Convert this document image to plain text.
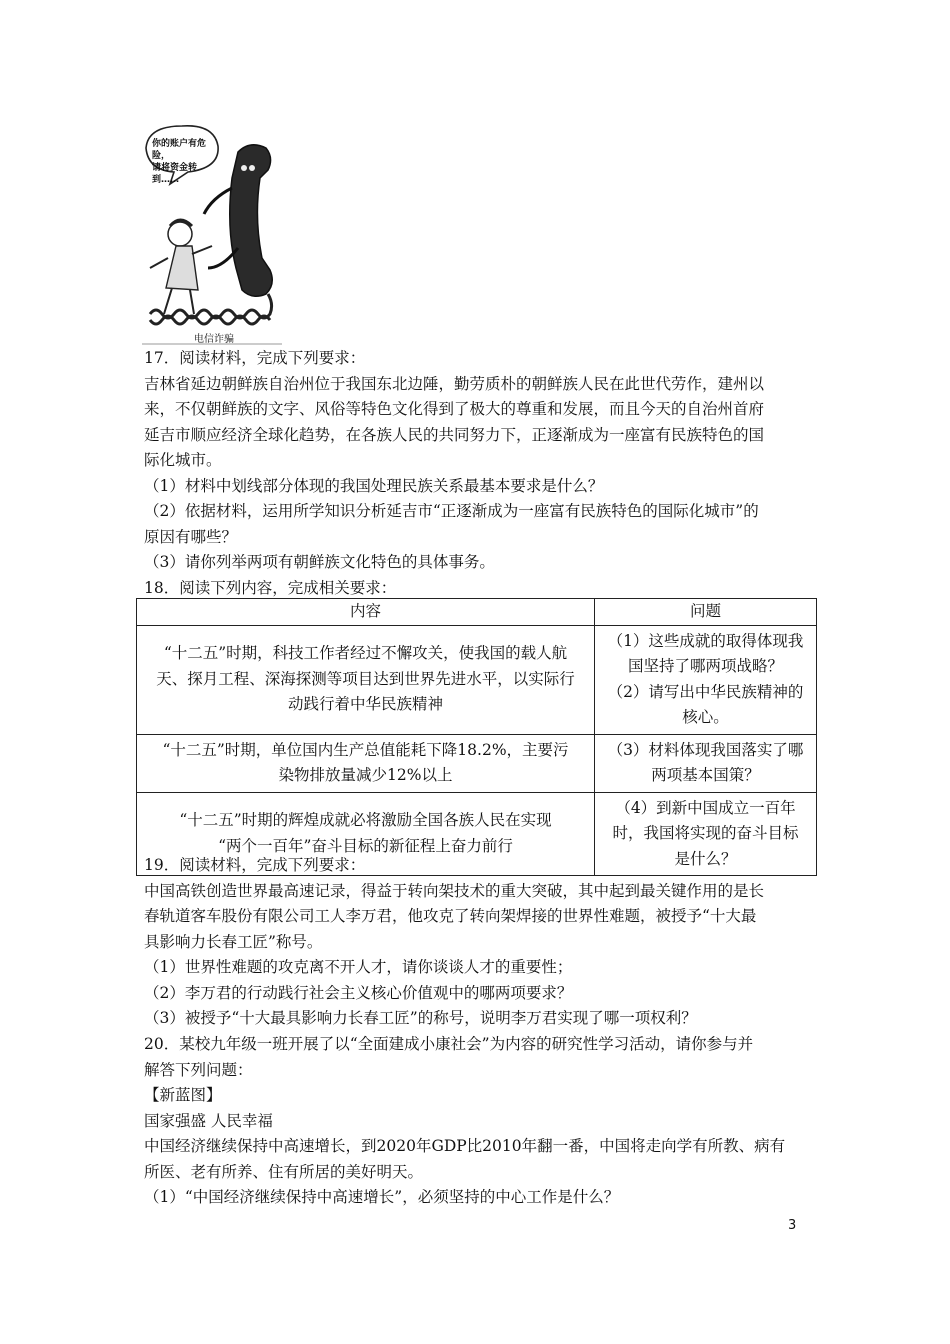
你的账户有危险，
请将资金转到……
电信诈骗
17．阅读材料，完成下列要求：
吉林省延边朝鲜族自治州位于我国东北边陲，勤劳质朴的朝鲜族人民在此世代劳作，建州以
来，不仅朝鲜族的文字、风俗等特色文化得到了极大的尊重和发展，而且今天的自治州首府
延吉市顺应经济全球化趋势，在各族人民的共同努力下，正逐渐成为一座富有民族特色的国
际化城市。
（1）材料中划线部分体现的我国处理民族关系最基本要求是什么？
（2）依据材料，运用所学知识分析延吉市“正逐渐成为一座富有民族特色的国际化城市”的
原因有哪些？
（3）请你列举两项有朝鲜族文化特色的具体事务。
18．阅读下列内容，完成相关要求：
内容	问题

“十二五”时期，科技工作者经过不懈攻关，使我国的载人航
天、探月工程、深海探测等项目达到世界先进水平，以实际行
动践行着中华民族精神	（1）这些成就的取得体现我
国坚持了哪两项战略？
（2）请写出中华民族精神的
核心。

“十二五”时期，单位国内生产总值能耗下降18.2%，主要污
染物排放量减少12%以上	（3）材料体现我国落实了哪
两项基本国策？

“十二五”时期的辉煌成就必将激励全国各族人民在实现
“两个一百年”奋斗目标的新征程上奋力前行	（4）到新中国成立一百年
时，我国将实现的奋斗目标
是什么？
19．阅读材料，完成下列要求：
中国高铁创造世界最高速记录，得益于转向架技术的重大突破，其中起到最关键作用的是长
春轨道客车股份有限公司工人李万君，他攻克了转向架焊接的世界性难题，被授予“十大最
具影响力长春工匠”称号。
（1）世界性难题的攻克离不开人才，请你谈谈人才的重要性；
（2）李万君的行动践行社会主义核心价值观中的哪两项要求？
（3）被授予“十大最具影响力长春工匠”的称号，说明李万君实现了哪一项权利？
20．某校九年级一班开展了以“全面建成小康社会”为内容的研究性学习活动，请你参与并
解答下列问题：
【新蓝图】
国家强盛 人民幸福
中国经济继续保持中高速增长，到2020年GDP比2010年翻一番，中国将走向学有所教、病有
所医、老有所养、住有所居的美好明天。
（1）“中国经济继续保持中高速增长”，必须坚持的中心工作是什么？
3
